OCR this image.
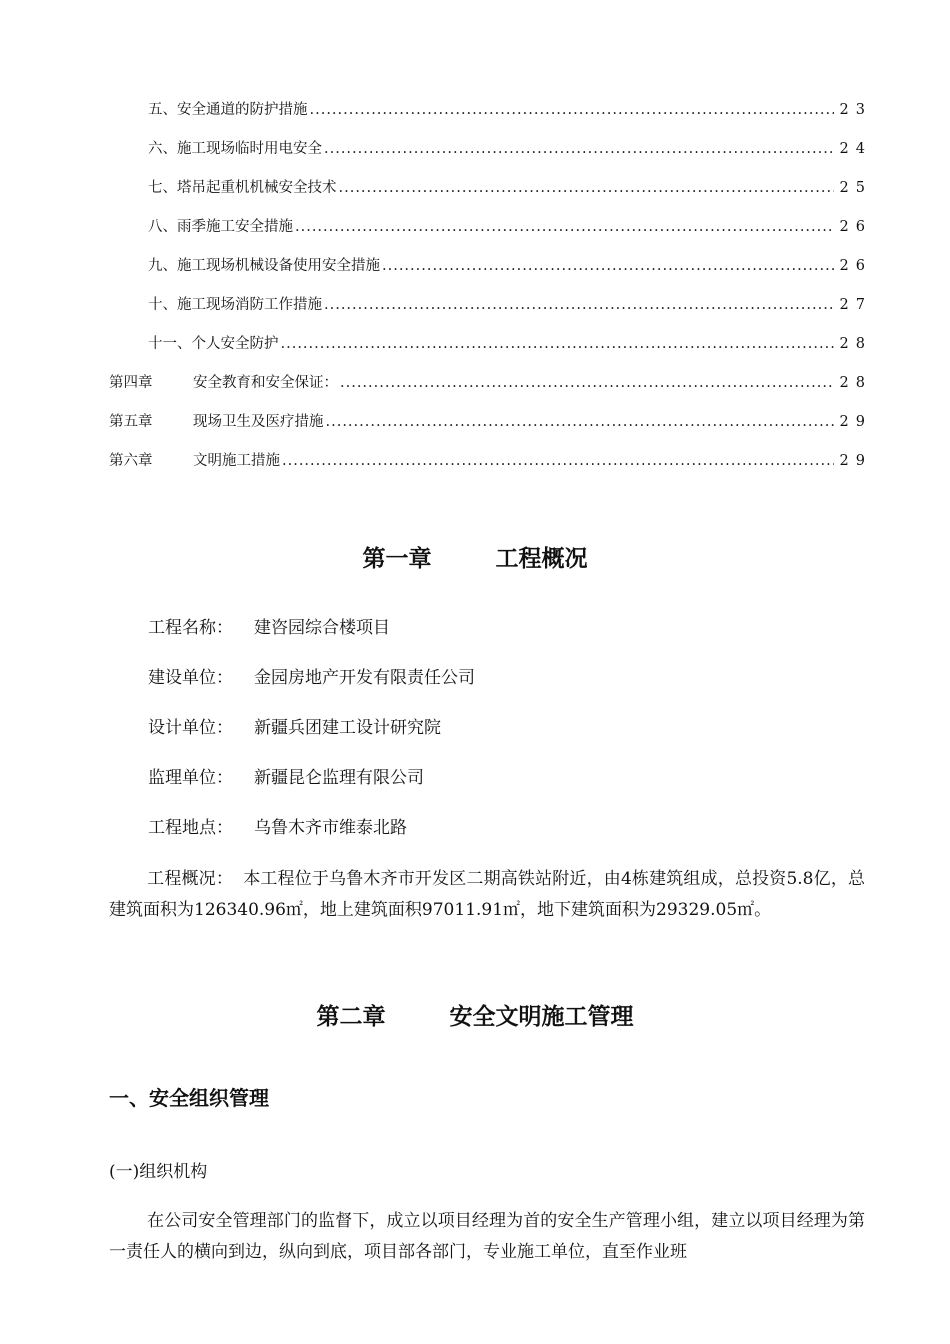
五、安全通道的防护措施 .....	23
六、施工现场临时用电安全 .....	24
七、塔吊起重机机械安全技术 .....	25
八、雨季施工安全措施 .....	26
九、施工现场机械设备使用安全措施 .....	26
十、施工现场消防工作措施 .....	27
十一、个人安全防护 .....	28
第四章	安全教育和安全保证： .....	28
第五章	现场卫生及医疗措施 .....	29
第六章	文明施工措施 .....	29
第一章        工程概况
工程名称： 建咨园综合楼项目
建设单位： 金园房地产开发有限责任公司
设计单位： 新疆兵团建工设计研究院
监理单位： 新疆昆仑监理有限公司
工程地点： 乌鲁木齐市维泰北路
工程概况： 本工程位于乌鲁木齐市开发区二期高铁站附近，由4栋建筑组成，总投资5.8亿，总建筑面积为126340.96㎡，地上建筑面积97011.91㎡，地下建筑面积为29329.05㎡。
第二章        安全文明施工管理
一、安全组织管理
(一)组织机构
在公司安全管理部门的监督下，成立以项目经理为首的安全生产管理小组，建立以项目经理为第一责任人的横向到边，纵向到底，项目部各部门，专业施工单位，直至作业班
